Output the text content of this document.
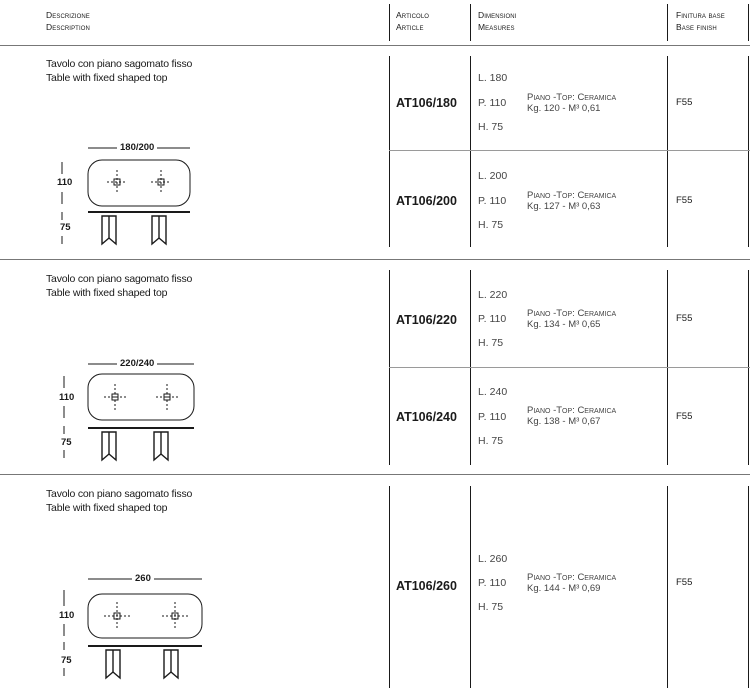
Descrizione
Description
Articolo
Article
Dimensioni
Measures
Finitura base
Base finish
Tavolo con piano sagomato fisso
Table with fixed shaped top
AT106/180
L. 180
P. 110
H. 75
Piano -Top: Ceramica
Kg. 120 - M³ 0,61
F55
AT106/200
L. 200
P. 110
H. 75
Piano -Top: Ceramica
Kg. 127 - M³ 0,63
F55
180/200
110
75
Tavolo con piano sagomato fisso
Table with fixed shaped top
AT106/220
L. 220
P. 110
H. 75
Piano -Top: Ceramica
Kg. 134 - M³ 0,65
F55
AT106/240
L. 240
P. 110
H. 75
Piano -Top: Ceramica
Kg. 138 - M³ 0,67	F55
220/240
110
75
Tavolo con piano sagomato fisso
Table with fixed shaped top
AT106/260
L. 260
P. 110
H. 75
Piano -Top: Ceramica
Kg. 144 - M³ 0,69
F55
260
110
75
